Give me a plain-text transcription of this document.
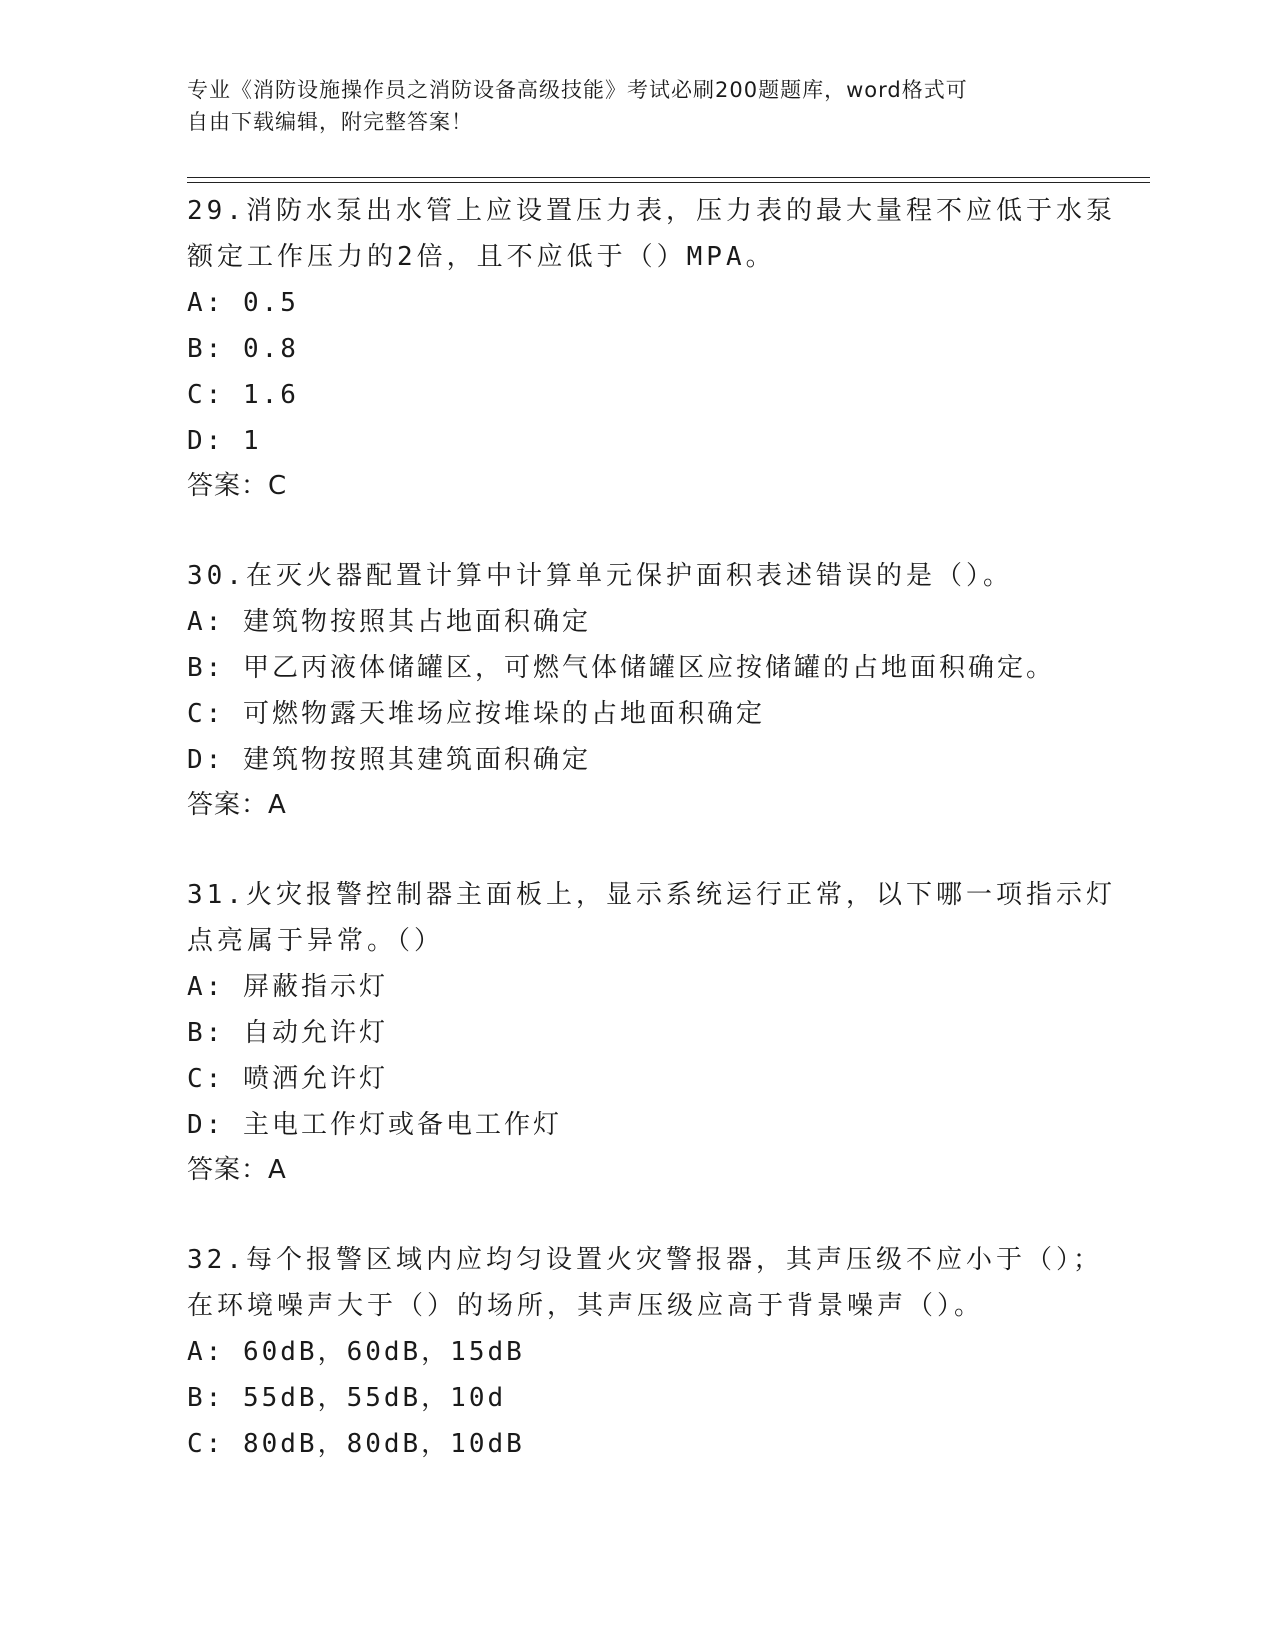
专业《消防设施操作员之消防设备高级技能》考试必刷200题题库，word格式可
自由下载编辑，附完整答案！
29.消防水泵出水管上应设置压力表，压力表的最大量程不应低于水泵
额定工作压力的2倍，且不应低于（）MPA。
A: 0.5
B: 0.8
C: 1.6
D: 1
答案：C
30.在灭火器配置计算中计算单元保护面积表述错误的是（）。
A: 建筑物按照其占地面积确定
B: 甲乙丙液体储罐区，可燃气体储罐区应按储罐的占地面积确定。
C: 可燃物露天堆场应按堆垛的占地面积确定
D: 建筑物按照其建筑面积确定
答案：A
31.火灾报警控制器主面板上，显示系统运行正常，以下哪一项指示灯
点亮属于异常。（）
A: 屏蔽指示灯
B: 自动允许灯
C: 喷洒允许灯
D: 主电工作灯或备电工作灯
答案：A
32.每个报警区域内应均匀设置火灾警报器，其声压级不应小于（）；
在环境噪声大于（）的场所，其声压级应高于背景噪声（）。
A: 60dB，60dB，15dB
B: 55dB，55dB，10d
C: 80dB，80dB，10dB
